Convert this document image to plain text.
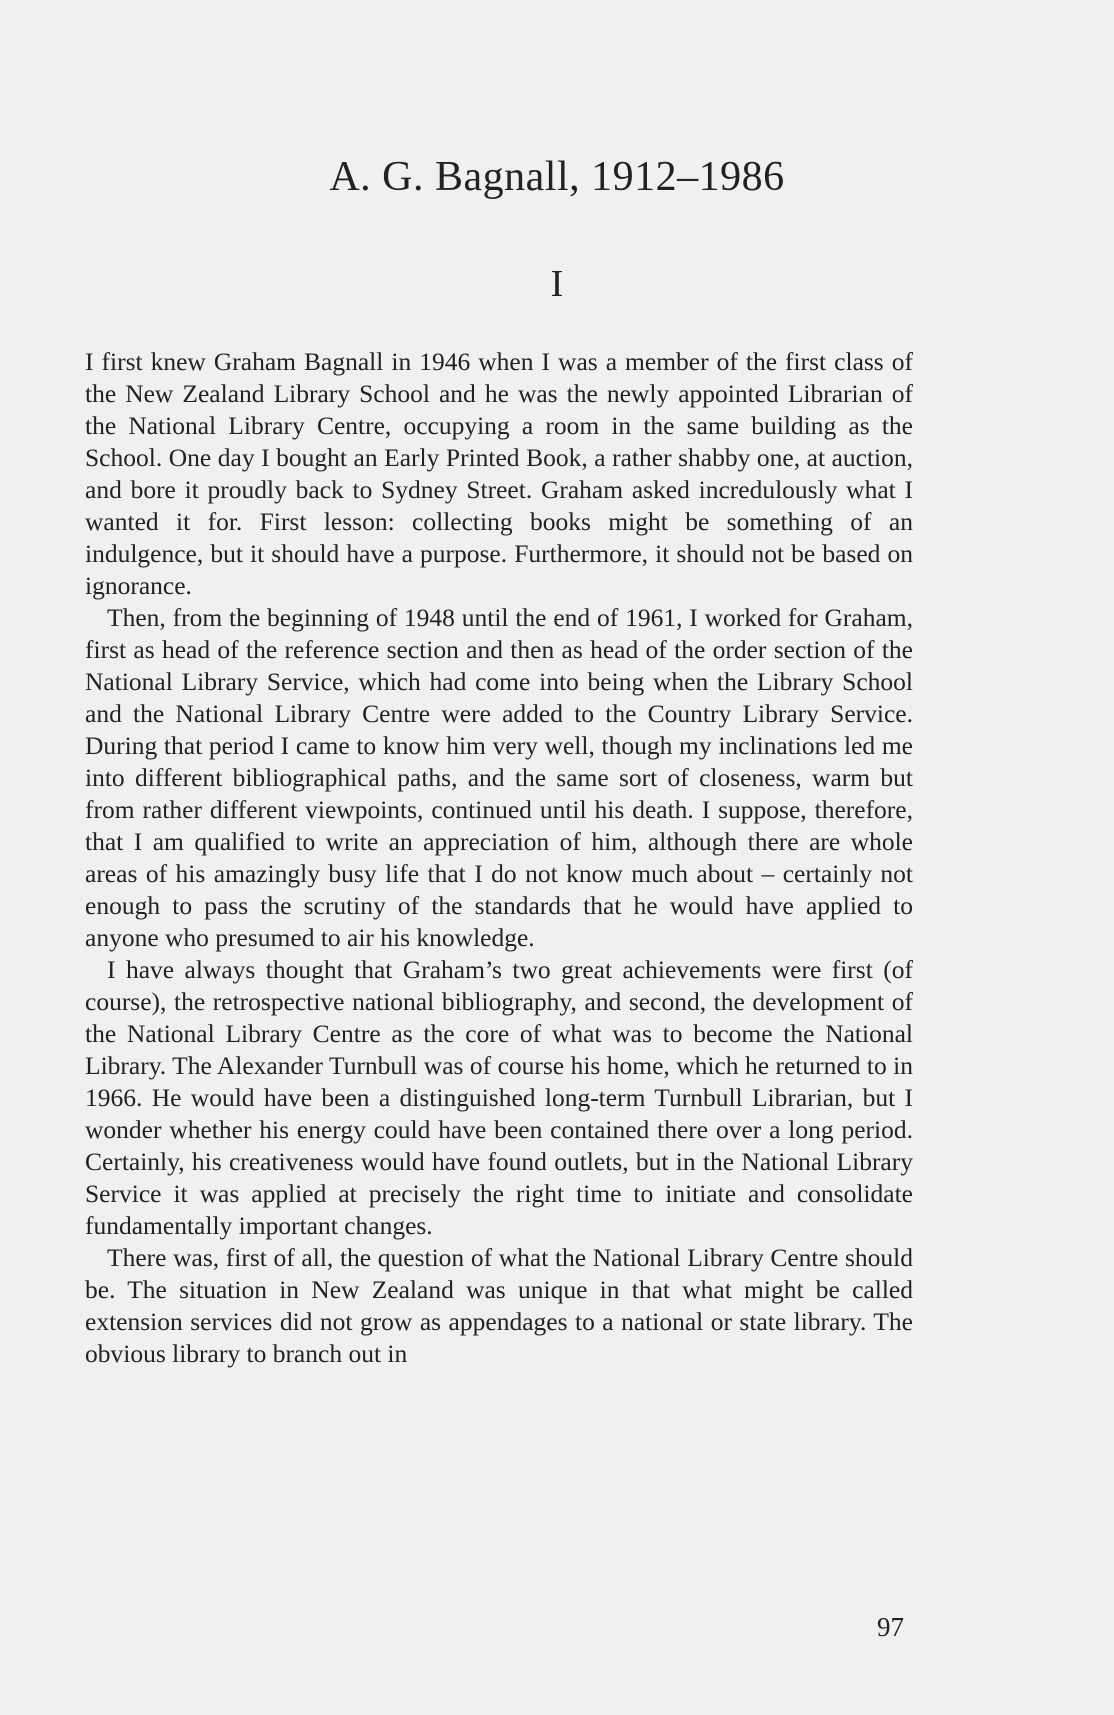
A. G. Bagnall, 1912–1986
I

I first knew Graham Bagnall in 1946 when I was a member of the first class of the New Zealand Library School and he was the newly appointed Librarian of the National Library Centre, occupying a room in the same building as the School. One day I bought an Early Printed Book, a rather shabby one, at auction, and bore it proudly back to Sydney Street. Graham asked incredulously what I wanted it for. First lesson: collecting books might be something of an indulgence, but it should have a purpose. Furthermore, it should not be based on ignorance.

Then, from the beginning of 1948 until the end of 1961, I worked for Graham, first as head of the reference section and then as head of the order section of the National Library Service, which had come into being when the Library School and the National Library Centre were added to the Country Library Service. During that period I came to know him very well, though my inclinations led me into different bibliographical paths, and the same sort of closeness, warm but from rather different viewpoints, continued until his death. I suppose, therefore, that I am qualified to write an appreciation of him, although there are whole areas of his amazingly busy life that I do not know much about – certainly not enough to pass the scrutiny of the standards that he would have applied to anyone who presumed to air his knowledge.

I have always thought that Graham’s two great achievements were first (of course), the retrospective national bibliography, and second, the development of the National Library Centre as the core of what was to become the National Library. The Alexander Turnbull was of course his home, which he returned to in 1966. He would have been a distinguished long-term Turnbull Librarian, but I wonder whether his energy could have been contained there over a long period. Certainly, his creativeness would have found outlets, but in the National Library Service it was applied at precisely the right time to initiate and consolidate fundamentally important changes.

There was, first of all, the question of what the National Library Centre should be. The situation in New Zealand was unique in that what might be called extension services did not grow as appendages to a national or state library. The obvious library to branch out in

97
